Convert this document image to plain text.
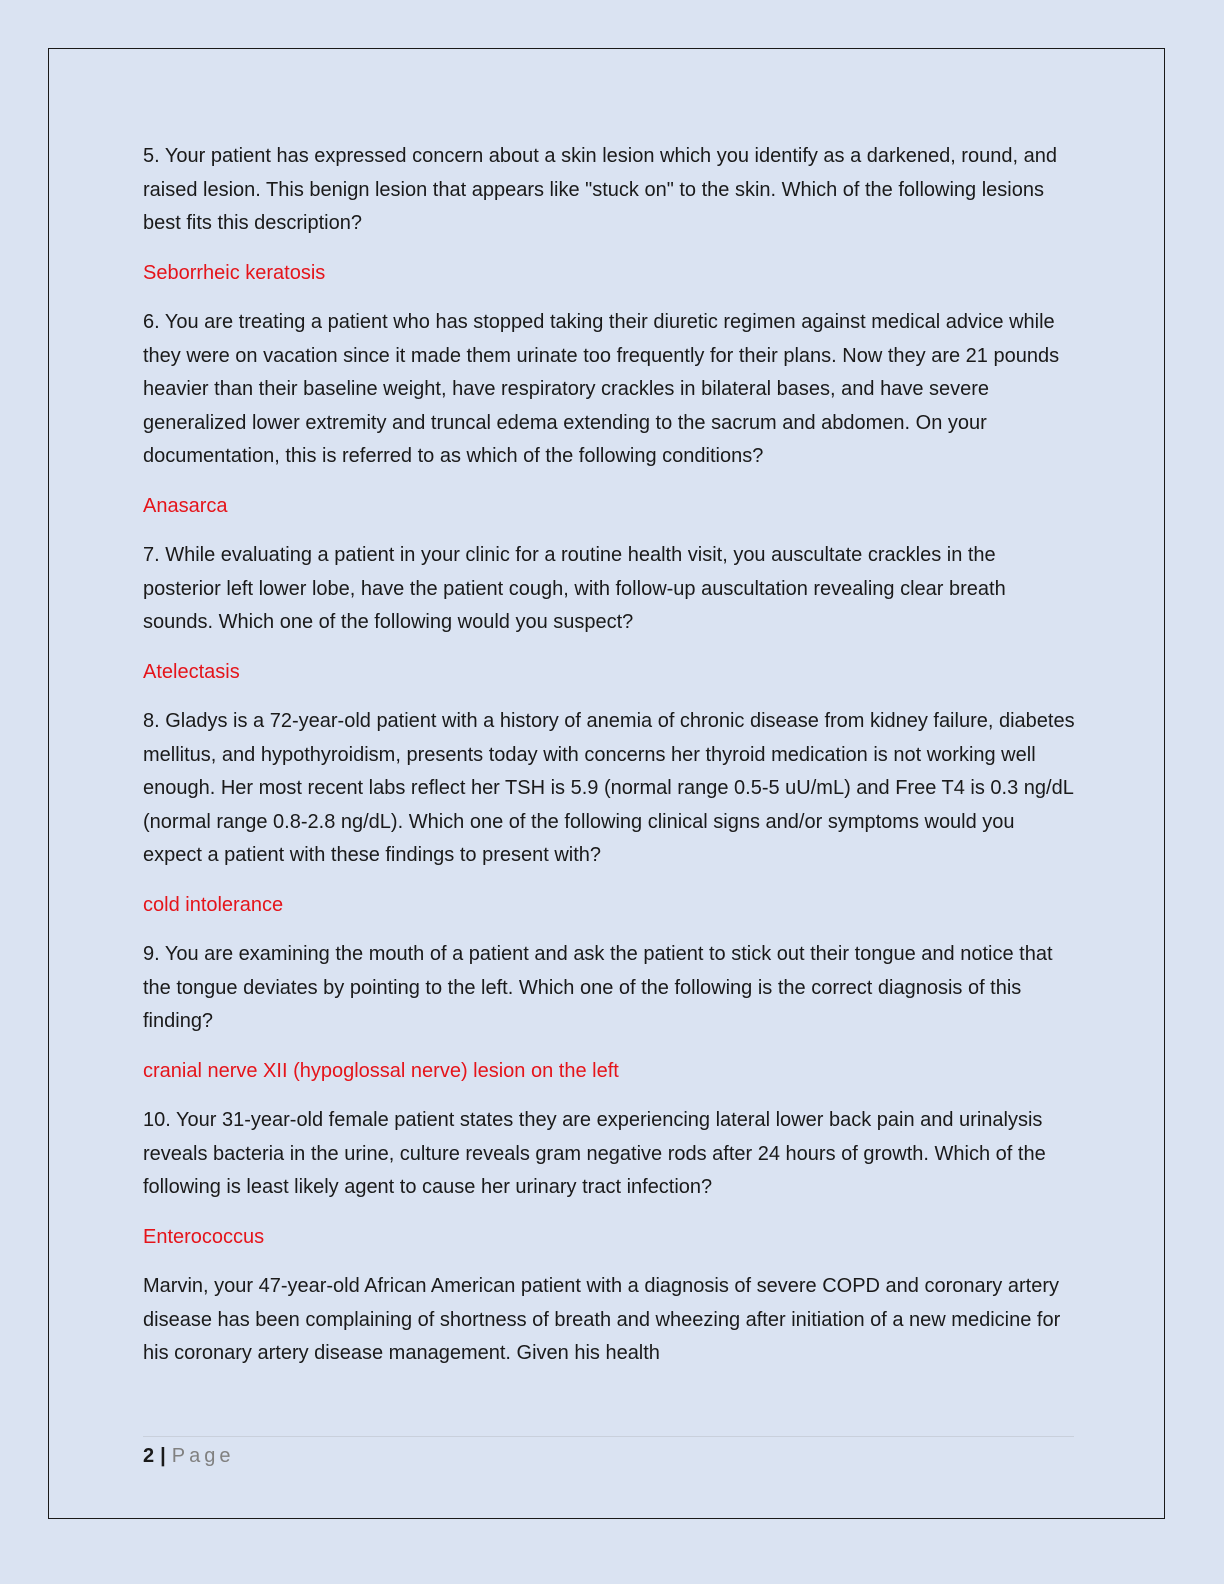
5. Your patient has expressed concern about a skin lesion which you identify as a darkened, round, and raised lesion. This benign lesion that appears like "stuck on" to the skin. Which of the following lesions best fits this description?

Seborrheic keratosis

6. You are treating a patient who has stopped taking their diuretic regimen against medical advice while they were on vacation since it made them urinate too frequently for their plans. Now they are 21 pounds heavier than their baseline weight, have respiratory crackles in bilateral bases, and have severe generalized lower extremity and truncal edema extending to the sacrum and abdomen. On your documentation, this is referred to as which of the following conditions?

Anasarca

7. While evaluating a patient in your clinic for a routine health visit, you auscultate crackles in the posterior left lower lobe, have the patient cough, with follow-up auscultation revealing clear breath sounds. Which one of the following would you suspect?

Atelectasis

8. Gladys is a 72-year-old patient with a history of anemia of chronic disease from kidney failure, diabetes mellitus, and hypothyroidism, presents today with concerns her thyroid medication is not working well enough. Her most recent labs reflect her TSH is 5.9 (normal range 0.5-5 uU/mL) and Free T4 is 0.3 ng/dL (normal range 0.8-2.8 ng/dL). Which one of the following clinical signs and/or symptoms would you expect a patient with these findings to present with?

cold intolerance

9. You are examining the mouth of a patient and ask the patient to stick out their tongue and notice that the tongue deviates by pointing to the left. Which one of the following is the correct diagnosis of this finding?

cranial nerve XII (hypoglossal nerve) lesion on the left

10. Your 31-year-old female patient states they are experiencing lateral lower back pain and urinalysis reveals bacteria in the urine, culture reveals gram negative rods after 24 hours of growth. Which of the following is least likely agent to cause her urinary tract infection?

Enterococcus

Marvin, your 47-year-old African American patient with a diagnosis of severe COPD and coronary artery disease has been complaining of shortness of breath and wheezing after initiation of a new medicine for his coronary artery disease management. Given his health

2 | Page
